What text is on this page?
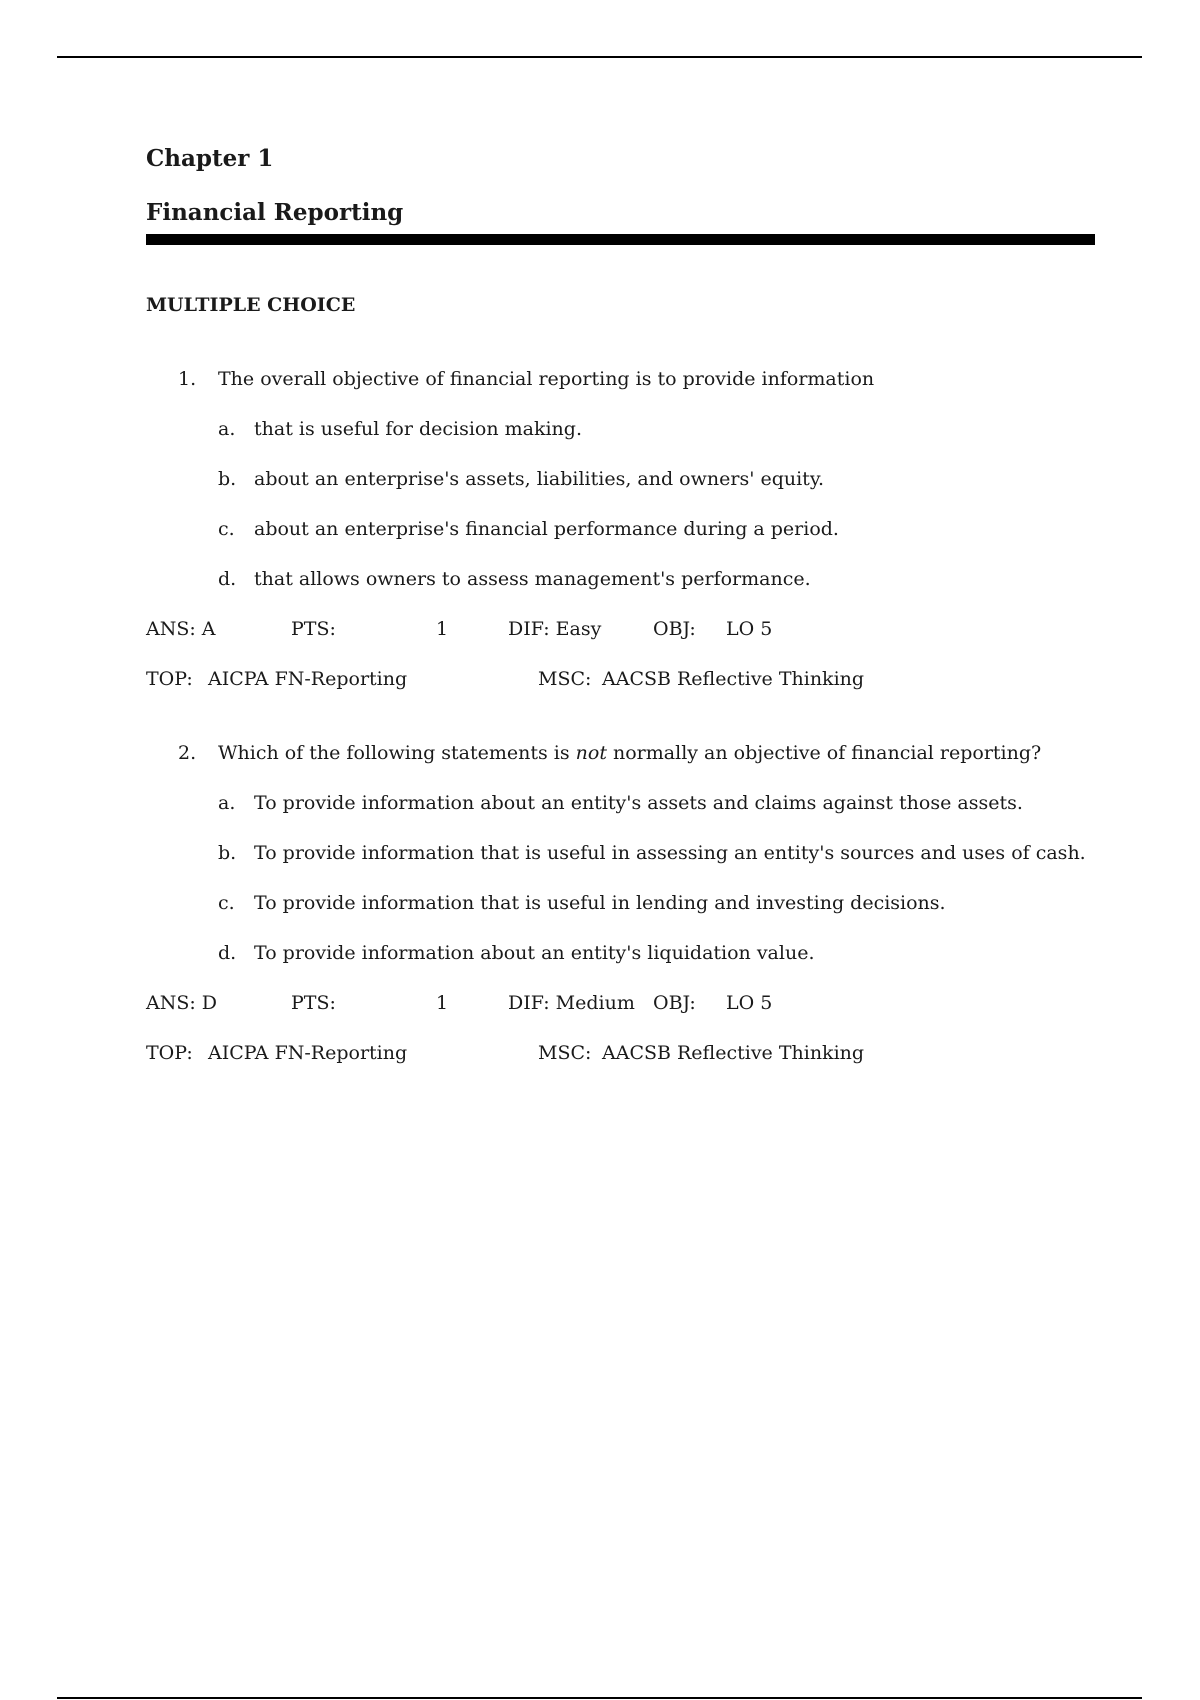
Chapter 1
Financial Reporting
MULTIPLE CHOICE
1.	The overall objective of financial reporting is to provide information
a. that is useful for decision making.
b. about an enterprise's assets, liabilities, and owners' equity.
c.	about an enterprise's financial performance during a period.
d. that allows owners to assess management's performance.
ANS: A	PTS:	1	DIF: Easy	OBJ: LO 5
TOP: AICPA FN-Reporting	MSC: AACSB Reflective Thinking
2.	Which of the following statements is not normally an objective of financial reporting?
a. To provide information about an entity's assets and claims against those assets.
b. To provide information that is useful in assessing an entity's sources and uses of cash.
c.	To provide information that is useful in lending and investing decisions.
d. To provide information about an entity's liquidation value.
ANS: D	PTS:	1	DIF: Medium OBJ: LO 5
TOP: AICPA FN-Reporting	MSC: AACSB Reflective Thinking
